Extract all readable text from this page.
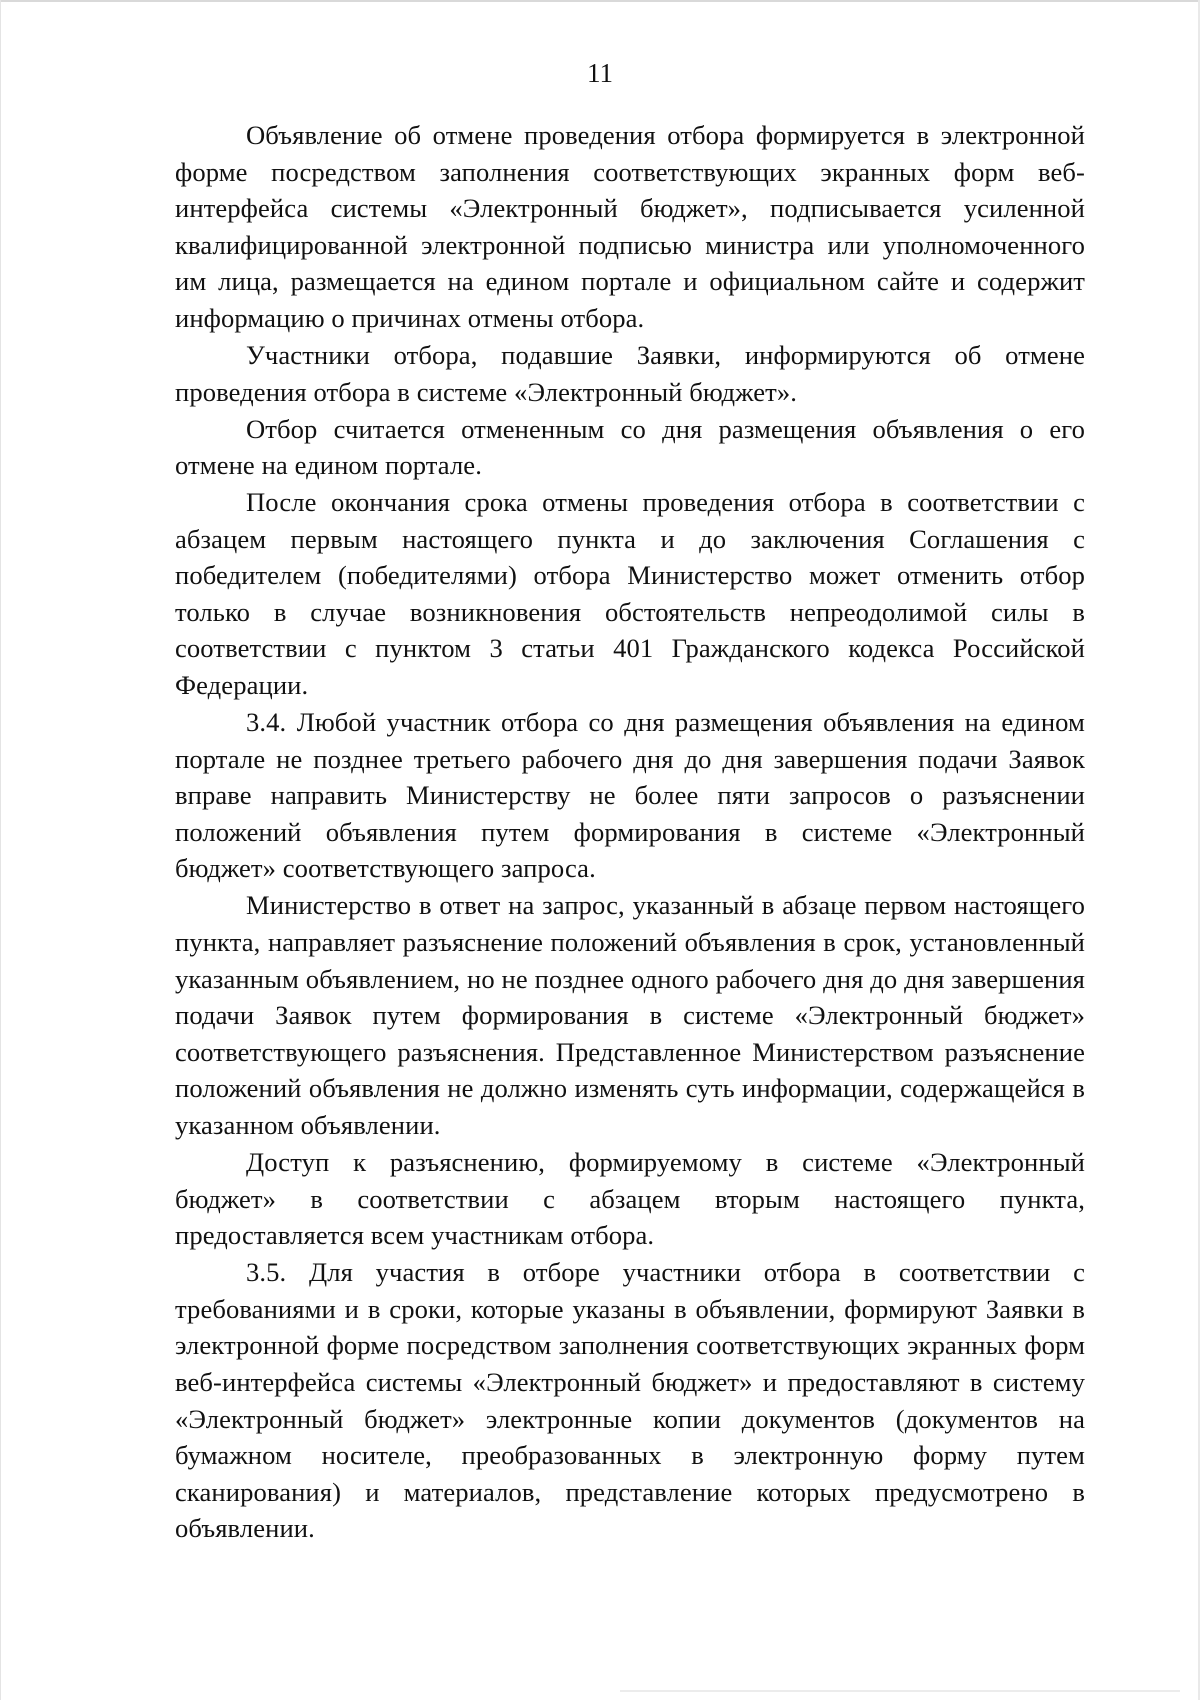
11

Объявление об отмене проведения отбора формируется в электронной форме посредством заполнения соответствующих экранных форм веб-интерфейса системы «Электронный бюджет», подписывается усиленной квалифицированной электронной подписью министра или уполномоченного им лица, размещается на едином портале и официальном сайте и содержит информацию о причинах отмены отбора.

Участники отбора, подавшие Заявки, информируются об отмене проведения отбора в системе «Электронный бюджет».

Отбор считается отмененным со дня размещения объявления о его отмене на едином портале.

После окончания срока отмены проведения отбора в соответствии с абзацем первым настоящего пункта и до заключения Соглашения с победителем (победителями) отбора Министерство может отменить отбор только в случае возникновения обстоятельств непреодолимой силы в соответствии с пунктом 3 статьи 401 Гражданского кодекса Российской Федерации.

3.4. Любой участник отбора со дня размещения объявления на едином портале не позднее третьего рабочего дня до дня завершения подачи Заявок вправе направить Министерству не более пяти запросов о разъяснении положений объявления путем формирования в системе «Электронный бюджет» соответствующего запроса.

Министерство в ответ на запрос, указанный в абзаце первом настоящего пункта, направляет разъяснение положений объявления в срок, установленный указанным объявлением, но не позднее одного рабочего дня до дня завершения подачи Заявок путем формирования в системе «Электронный бюджет» соответствующего разъяснения. Представленное Министерством разъяснение положений объявления не должно изменять суть информации, содержащейся в указанном объявлении.

Доступ к разъяснению, формируемому в системе «Электронный бюджет» в соответствии с абзацем вторым настоящего пункта, предоставляется всем участникам отбора.

3.5. Для участия в отборе участники отбора в соответствии с требованиями и в сроки, которые указаны в объявлении, формируют Заявки в электронной форме посредством заполнения соответствующих экранных форм веб-интерфейса системы «Электронный бюджет» и предоставляют в систему «Электронный бюджет» электронные копии документов (документов на бумажном носителе, преобразованных в электронную форму путем сканирования) и материалов, представление которых предусмотрено в объявлении.
